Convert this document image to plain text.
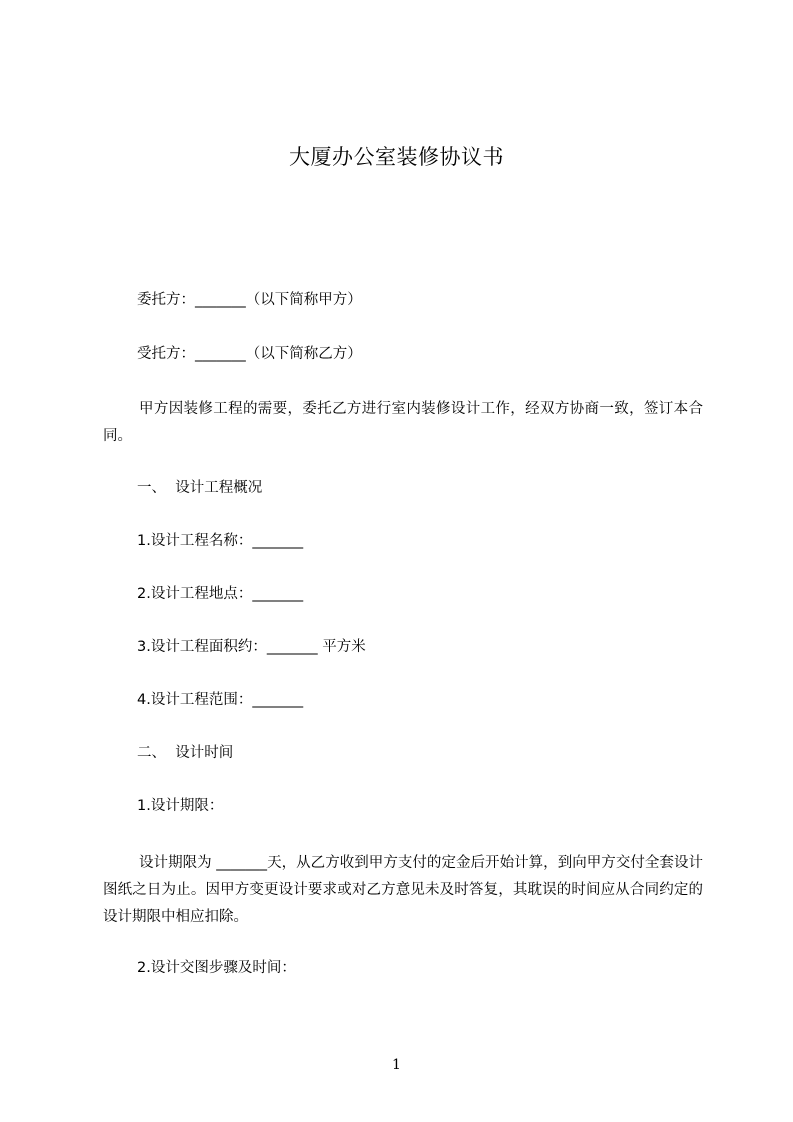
大厦办公室装修协议书

委托方：_______（以下简称甲方）

受托方：_______（以下简称乙方）

甲方因装修工程的需要，委托乙方进行室内装修设计工作，经双方协商一致，签订本合同。

一、  设计工程概况

1.设计工程名称：_______

2.设计工程地点：_______

3.设计工程面积约：_______ 平方米

4.设计工程范围：_______

二、  设计时间

1.设计期限：

设计期限为 _______天，从乙方收到甲方支付的定金后开始计算，到向甲方交付全套设计图纸之日为止。因甲方变更设计要求或对乙方意见未及时答复，其耽误的时间应从合同约定的设计期限中相应扣除。

2.设计交图步骤及时间：

1
